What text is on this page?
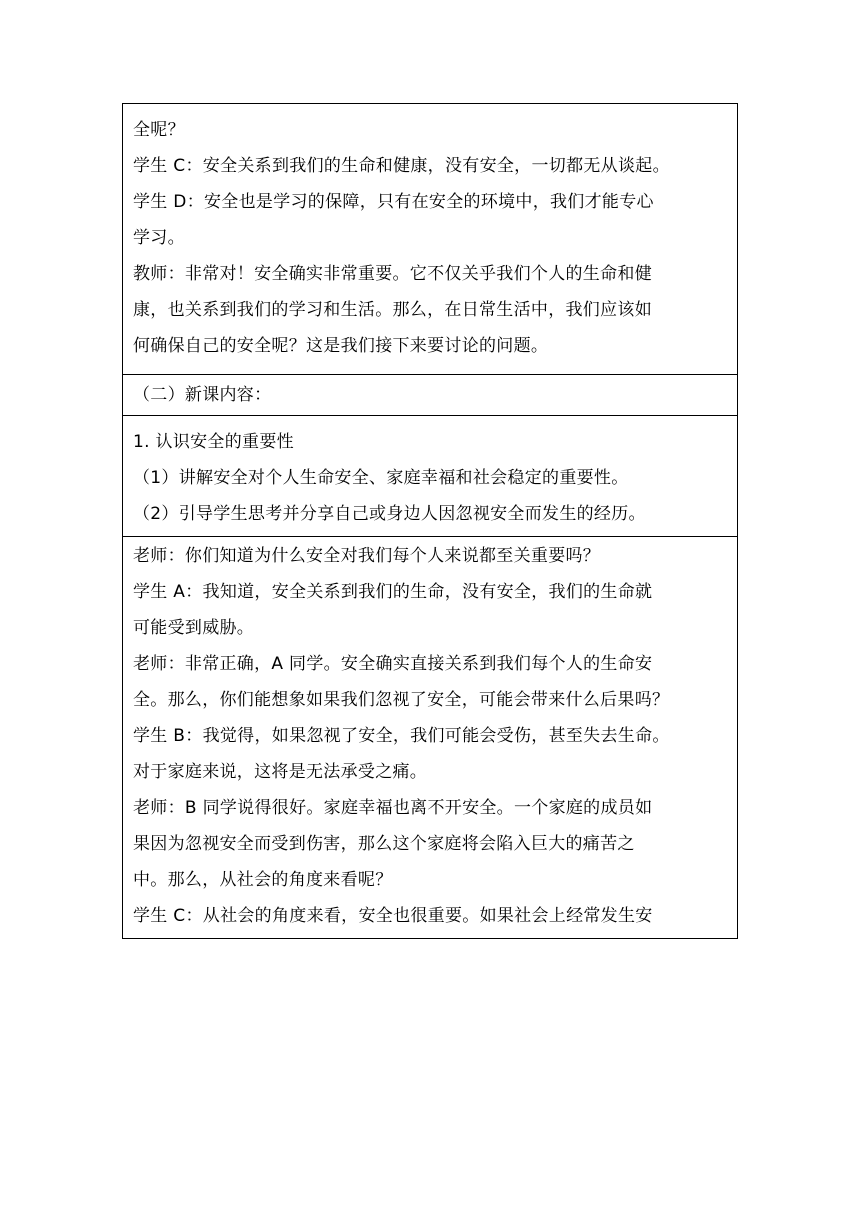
全呢？
学生 C：安全关系到我们的生命和健康，没有安全，一切都无从谈起。
学生 D：安全也是学习的保障，只有在安全的环境中，我们才能专心
学习。
教师：非常对！安全确实非常重要。它不仅关乎我们个人的生命和健
康，也关系到我们的学习和生活。那么，在日常生活中，我们应该如
何确保自己的安全呢？这是我们接下来要讨论的问题。
（二）新课内容：
1. 认识安全的重要性
（1）讲解安全对个人生命安全、家庭幸福和社会稳定的重要性。
（2）引导学生思考并分享自己或身边人因忽视安全而发生的经历。
老师：你们知道为什么安全对我们每个人来说都至关重要吗？
学生 A：我知道，安全关系到我们的生命，没有安全，我们的生命就
可能受到威胁。
老师：非常正确，A 同学。安全确实直接关系到我们每个人的生命安
全。那么，你们能想象如果我们忽视了安全，可能会带来什么后果吗？
学生 B：我觉得，如果忽视了安全，我们可能会受伤，甚至失去生命。
对于家庭来说，这将是无法承受之痛。
老师：B 同学说得很好。家庭幸福也离不开安全。一个家庭的成员如
果因为忽视安全而受到伤害，那么这个家庭将会陷入巨大的痛苦之
中。那么，从社会的角度来看呢？
学生 C：从社会的角度来看，安全也很重要。如果社会上经常发生安
